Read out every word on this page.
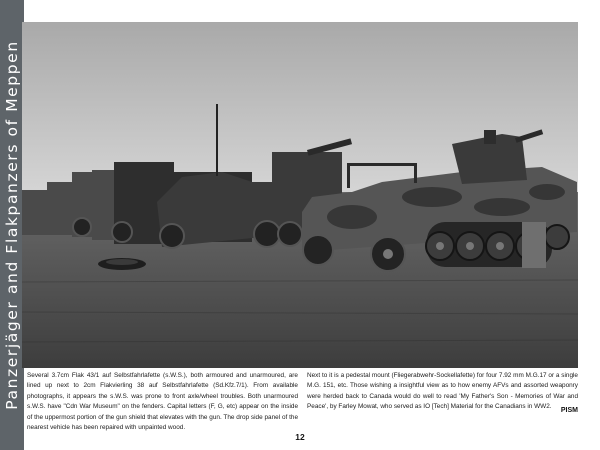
Panzerjäger and Flakpanzers of Meppen Several 3.7cm Flak 43/1 auf Selbstfahrlafette (s.W.S.), both armoured and unarmoured, are lined up next to 2cm Flakvierling 38 auf Selbstfahrlafette (Sd.Kfz.7/1). From available photographs, it appears the s.W.S. was prone to front axle/wheel troubles. Both unarmoured s.W.S. have "Cdn War Museum" on the fenders. Capital letters (F, G, etc) appear on the inside of the uppermost portion of the gun shield that elevates with the gun. The drop side panel of the nearest vehicle has been repaired with unpainted wood.
Next to it is a pedestal mount (Fliegerabwehr-Sockellafette) for four 7.92 mm M.G.17 or a single M.G. 151, etc. Those wishing a insightful view as to how enemy AFVs and assorted weaponry were herded back to Canada would do well to read 'My Father's Son - Memories of War and Peace', by Farley Mowat, who served as IO [Tech] Material for the Canadians in WW2.
PISM
12
